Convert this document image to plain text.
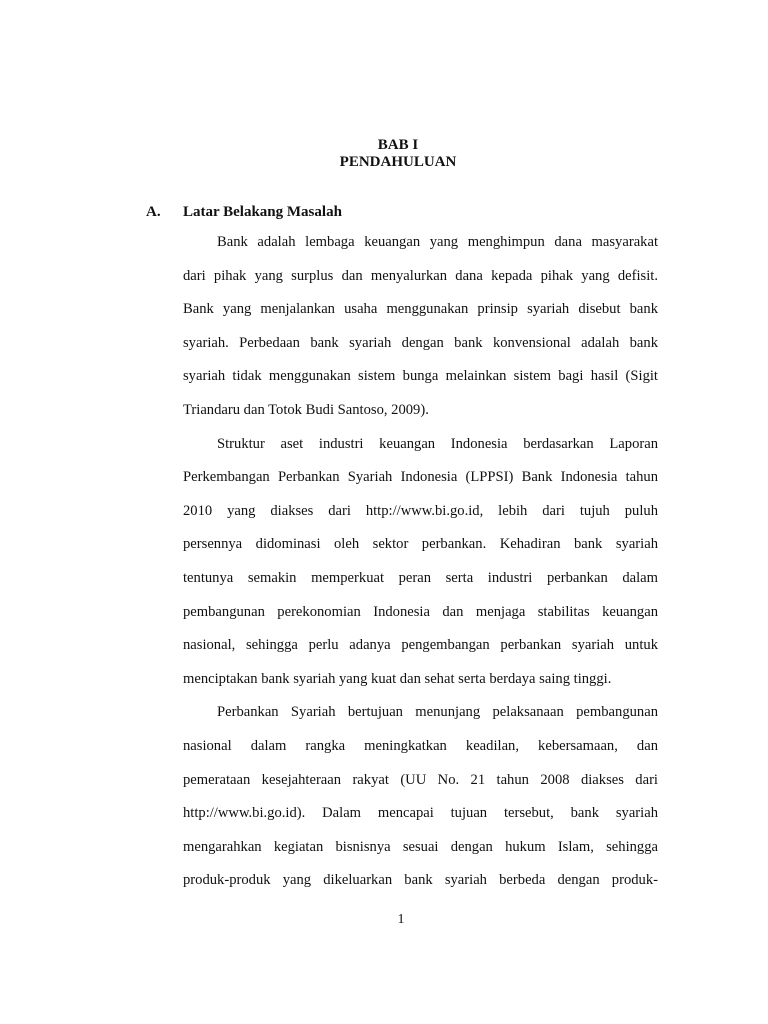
BAB I
PENDAHULUAN
A. Latar Belakang Masalah
Bank adalah lembaga keuangan yang menghimpun dana masyarakat
dari pihak yang surplus dan menyalurkan dana kepada pihak yang defisit.
Bank yang menjalankan usaha menggunakan prinsip syariah disebut bank
syariah. Perbedaan bank syariah dengan bank konvensional adalah bank
syariah tidak menggunakan sistem bunga melainkan sistem bagi hasil (Sigit
Triandaru dan Totok Budi Santoso, 2009).
Struktur aset industri keuangan Indonesia berdasarkan Laporan
Perkembangan Perbankan Syariah Indonesia (LPPSI) Bank Indonesia tahun
2010 yang diakses dari http://www.bi.go.id, lebih dari tujuh puluh
persennya didominasi oleh sektor perbankan. Kehadiran bank syariah
tentunya semakin memperkuat peran serta industri perbankan dalam
pembangunan perekonomian Indonesia dan menjaga stabilitas keuangan
nasional, sehingga perlu adanya pengembangan perbankan syariah untuk
menciptakan bank syariah yang kuat dan sehat serta berdaya saing tinggi.
Perbankan Syariah bertujuan menunjang pelaksanaan pembangunan
nasional dalam rangka meningkatkan keadilan, kebersamaan, dan
pemerataan kesejahteraan rakyat (UU No. 21 tahun 2008 diakses dari
http://www.bi.go.id). Dalam mencapai tujuan tersebut, bank syariah
mengarahkan kegiatan bisnisnya sesuai dengan hukum Islam, sehingga
produk-produk yang dikeluarkan bank syariah berbeda dengan produk-
1
